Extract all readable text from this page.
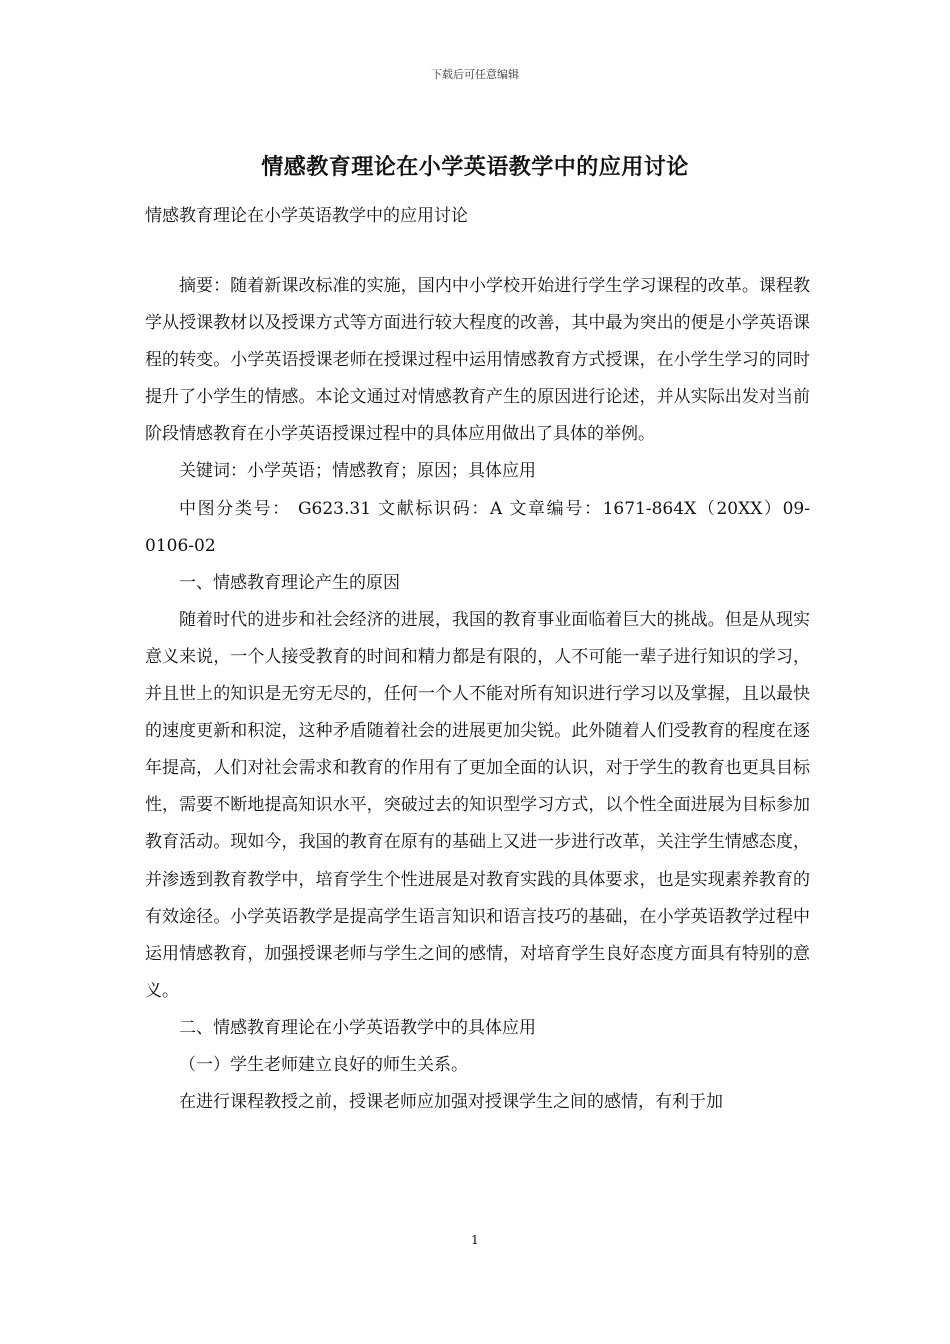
下载后可任意编辑
情感教育理论在小学英语教学中的应用讨论
情感教育理论在小学英语教学中的应用讨论

摘要：随着新课改标准的实施，国内中小学校开始进行学生学习课程的改革。课程教学从授课教材以及授课方式等方面进行较大程度的改善，其中最为突出的便是小学英语课程的转变。小学英语授课老师在授课过程中运用情感教育方式授课，在小学生学习的同时提升了小学生的情感。本论文通过对情感教育产生的原因进行论述，并从实际出发对当前阶段情感教育在小学英语授课过程中的具体应用做出了具体的举例。

关键词：小学英语；情感教育；原因；具体应用

中图分类号： G623.31 文献标识码：A 文章编号：1671-864X（20XX）09-0106-02

一、情感教育理论产生的原因

随着时代的进步和社会经济的进展，我国的教育事业面临着巨大的挑战。但是从现实意义来说，一个人接受教育的时间和精力都是有限的，人不可能一辈子进行知识的学习，并且世上的知识是无穷无尽的，任何一个人不能对所有知识进行学习以及掌握，且以最快的速度更新和积淀，这种矛盾随着社会的进展更加尖锐。此外随着人们受教育的程度在逐年提高，人们对社会需求和教育的作用有了更加全面的认识，对于学生的教育也更具目标性，需要不断地提高知识水平，突破过去的知识型学习方式，以个性全面进展为目标参加教育活动。现如今，我国的教育在原有的基础上又进一步进行改革，关注学生情感态度，并渗透到教育教学中，培育学生个性进展是对教育实践的具体要求，也是实现素养教育的有效途径。小学英语教学是提高学生语言知识和语言技巧的基础，在小学英语教学过程中运用情感教育，加强授课老师与学生之间的感情，对培育学生良好态度方面具有特别的意义。

二、情感教育理论在小学英语教学中的具体应用

（一）学生老师建立良好的师生关系。

在进行课程教授之前，授课老师应加强对授课学生之间的感情，有利于加

1
